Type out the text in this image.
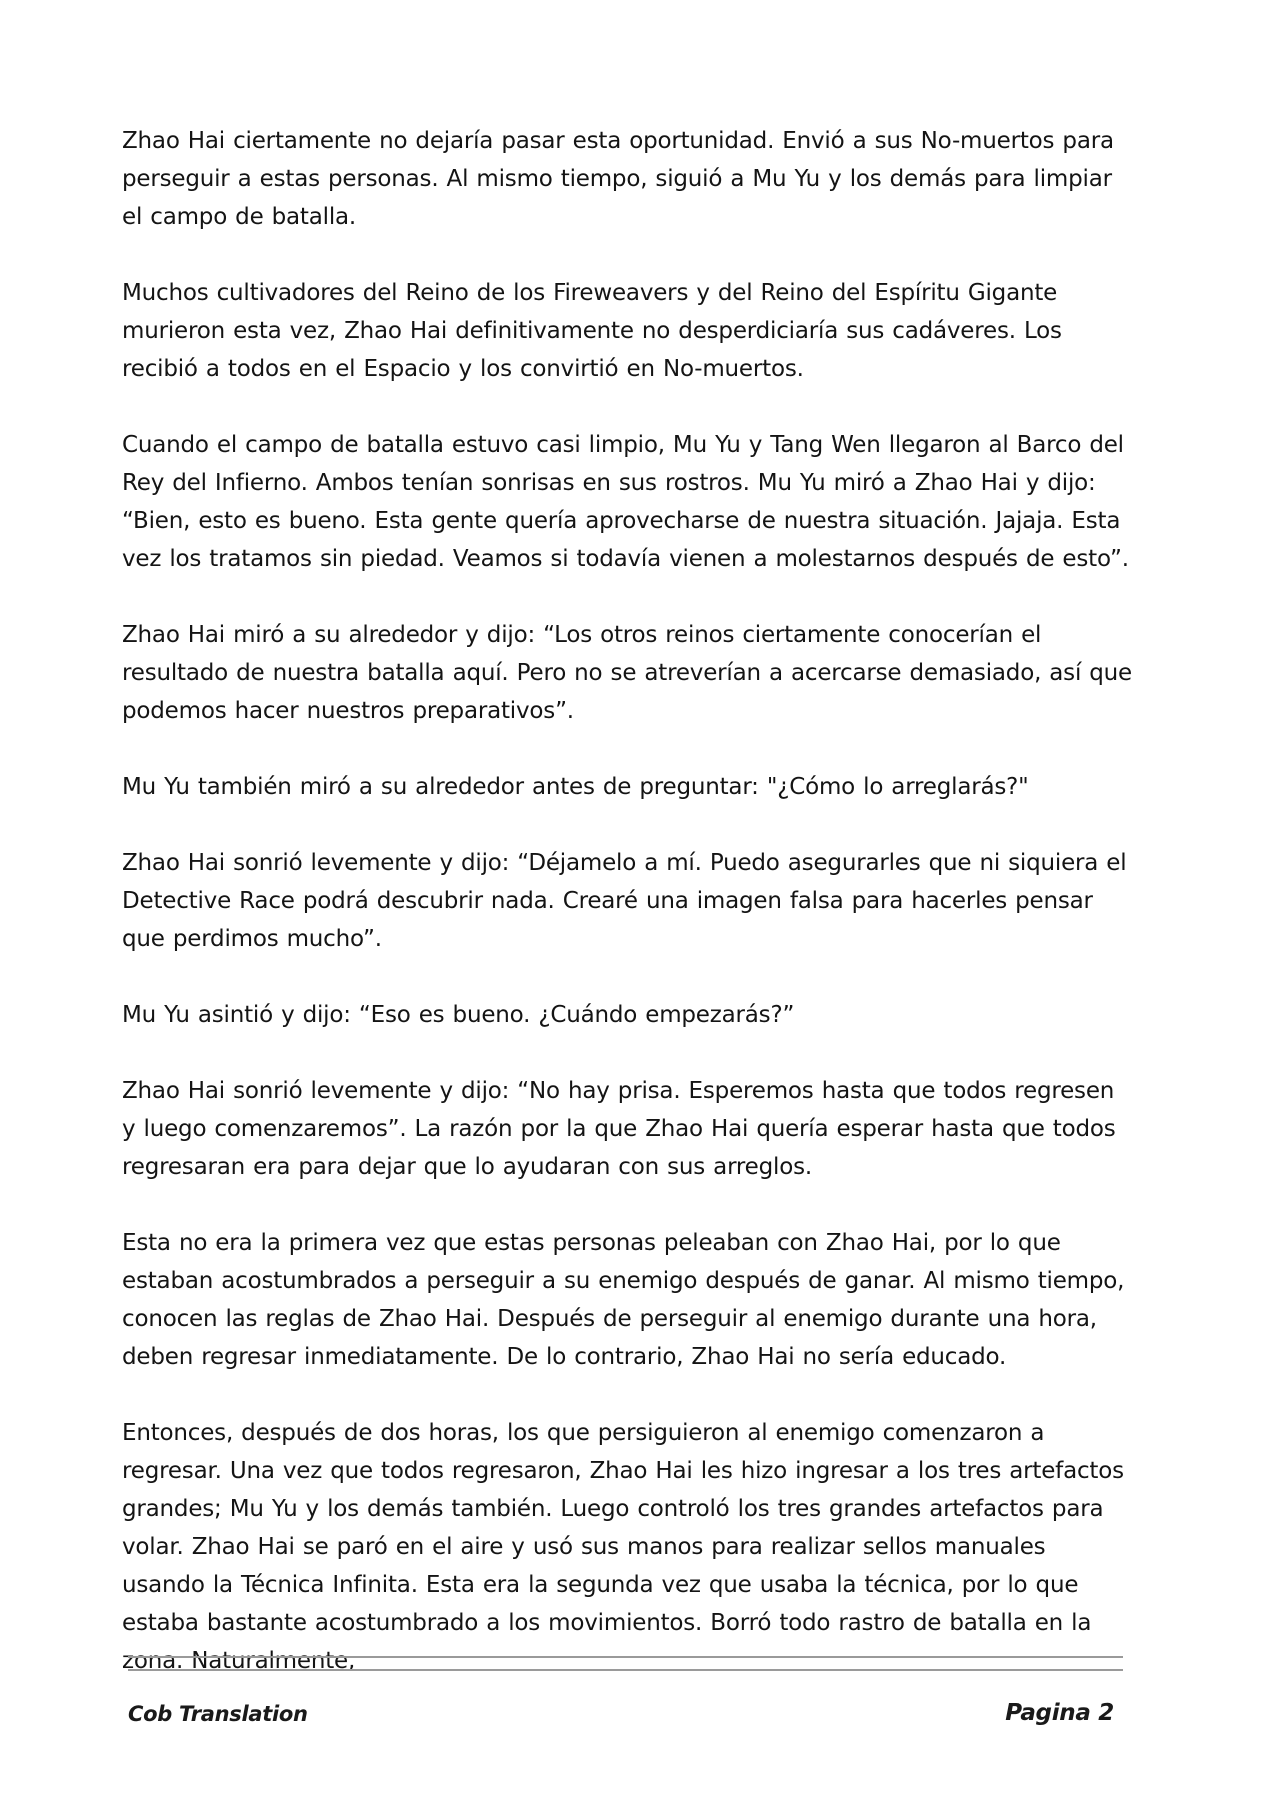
Zhao Hai ciertamente no dejaría pasar esta oportunidad. Envió a sus No-muertos para perseguir a estas personas. Al mismo tiempo, siguió a Mu Yu y los demás para limpiar el campo de batalla.

Muchos cultivadores del Reino de los Fireweavers y del Reino del Espíritu Gigante murieron esta vez, Zhao Hai definitivamente no desperdiciaría sus cadáveres. Los recibió a todos en el Espacio y los convirtió en No-muertos.

Cuando el campo de batalla estuvo casi limpio, Mu Yu y Tang Wen llegaron al Barco del Rey del Infierno. Ambos tenían sonrisas en sus rostros. Mu Yu miró a Zhao Hai y dijo: “Bien, esto es bueno. Esta gente quería aprovecharse de nuestra situación. Jajaja. Esta vez los tratamos sin piedad. Veamos si todavía vienen a molestarnos después de esto”.

Zhao Hai miró a su alrededor y dijo: “Los otros reinos ciertamente conocerían el resultado de nuestra batalla aquí. Pero no se atreverían a acercarse demasiado, así que podemos hacer nuestros preparativos”.

Mu Yu también miró a su alrededor antes de preguntar: "¿Cómo lo arreglarás?"

Zhao Hai sonrió levemente y dijo: “Déjamelo a mí. Puedo asegurarles que ni siquiera el Detective Race podrá descubrir nada. Crearé una imagen falsa para hacerles pensar que perdimos mucho”.

Mu Yu asintió y dijo: “Eso es bueno. ¿Cuándo empezarás?”

Zhao Hai sonrió levemente y dijo: “No hay prisa. Esperemos hasta que todos regresen y luego comenzaremos”. La razón por la que Zhao Hai quería esperar hasta que todos regresaran era para dejar que lo ayudaran con sus arreglos.

Esta no era la primera vez que estas personas peleaban con Zhao Hai, por lo que estaban acostumbrados a perseguir a su enemigo después de ganar. Al mismo tiempo, conocen las reglas de Zhao Hai. Después de perseguir al enemigo durante una hora, deben regresar inmediatamente. De lo contrario, Zhao Hai no sería educado.

Entonces, después de dos horas, los que persiguieron al enemigo comenzaron a regresar. Una vez que todos regresaron, Zhao Hai les hizo ingresar a los tres artefactos grandes; Mu Yu y los demás también. Luego controló los tres grandes artefactos para volar. Zhao Hai se paró en el aire y usó sus manos para realizar sellos manuales usando la Técnica Infinita. Esta era la segunda vez que usaba la técnica, por lo que estaba bastante acostumbrado a los movimientos. Borró todo rastro de batalla en la zona. Naturalmente,

Cob Translation	Pagina 2
